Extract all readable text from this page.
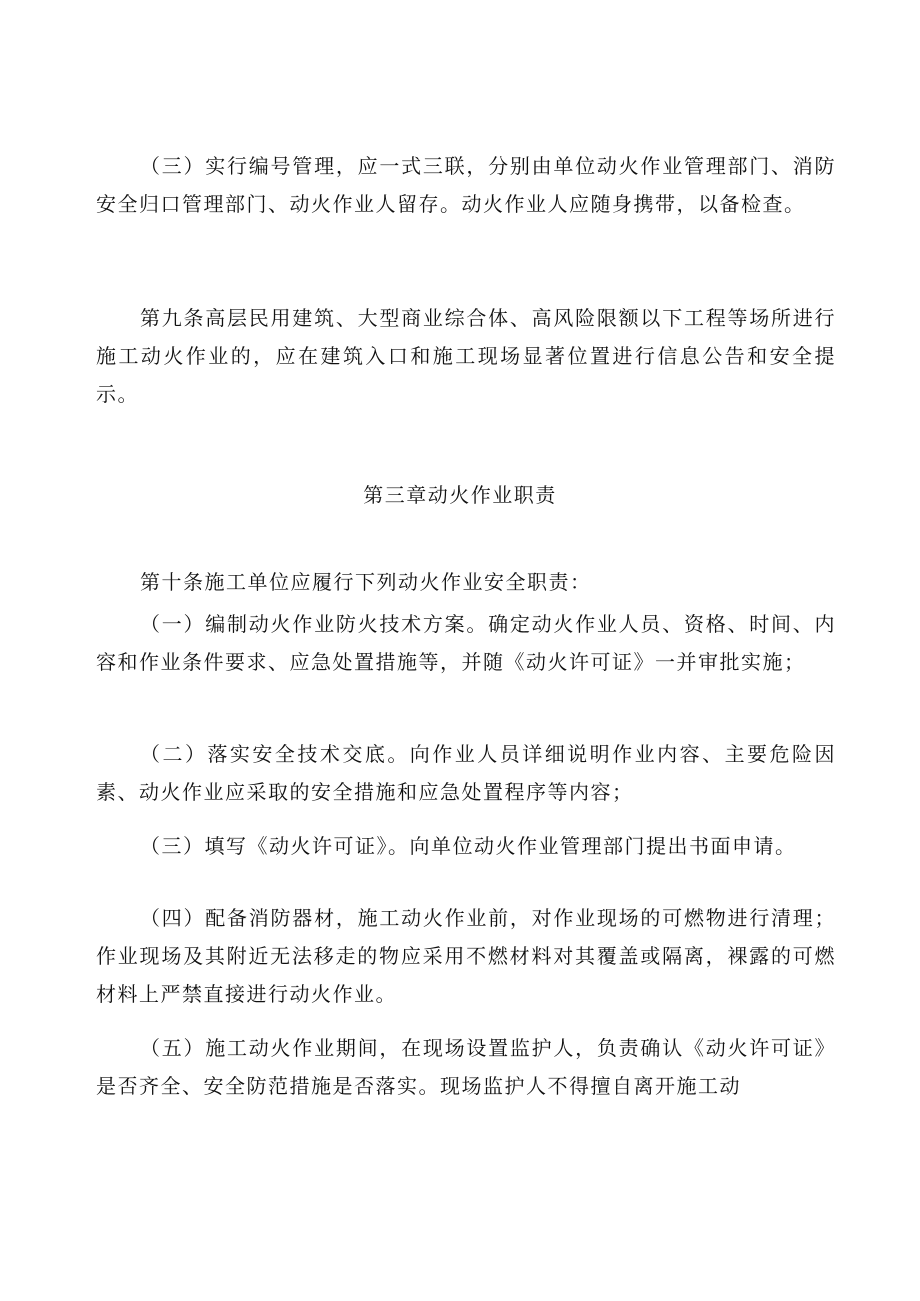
（三）实行编号管理，应一式三联，分别由单位动火作业管理部门、消防安全归口管理部门、动火作业人留存。动火作业人应随身携带，以备检查。

第九条高层民用建筑、大型商业综合体、高风险限额以下工程等场所进行施工动火作业的，应在建筑入口和施工现场显著位置进行信息公告和安全提示。

第三章动火作业职责

第十条施工单位应履行下列动火作业安全职责：

（一）编制动火作业防火技术方案。确定动火作业人员、资格、时间、内容和作业条件要求、应急处置措施等，并随《动火许可证》一并审批实施；

（二）落实安全技术交底。向作业人员详细说明作业内容、主要危险因素、动火作业应采取的安全措施和应急处置程序等内容；

（三）填写《动火许可证》。向单位动火作业管理部门提出书面申请。

（四）配备消防器材，施工动火作业前，对作业现场的可燃物进行清理；作业现场及其附近无法移走的物应采用不燃材料对其覆盖或隔离，裸露的可燃材料上严禁直接进行动火作业。

（五）施工动火作业期间，在现场设置监护人，负责确认《动火许可证》是否齐全、安全防范措施是否落实。现场监护人不得擅自离开施工动
